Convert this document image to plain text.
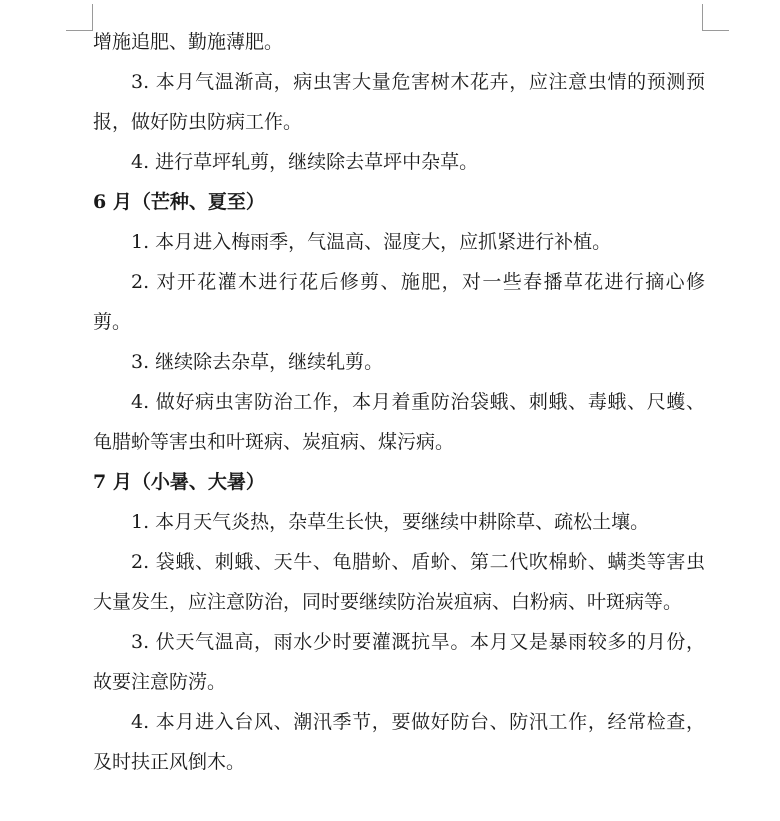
增施追肥、勤施薄肥。

3. 本月气温渐高，病虫害大量危害树木花卉，应注意虫情的预测预报，做好防虫防病工作。

4. 进行草坪轧剪，继续除去草坪中杂草。

6 月（芒种、夏至）

1. 本月进入梅雨季，气温高、湿度大，应抓紧进行补植。

2. 对开花灌木进行花后修剪、施肥，对一些春播草花进行摘心修剪。

3. 继续除去杂草，继续轧剪。

4. 做好病虫害防治工作，本月着重防治袋蛾、刺蛾、毒蛾、尺蠖、龟腊蚧等害虫和叶斑病、炭疽病、煤污病。

7 月（小暑、大暑）

1. 本月天气炎热，杂草生长快，要继续中耕除草、疏松土壤。

2. 袋蛾、刺蛾、天牛、龟腊蚧、盾蚧、第二代吹棉蚧、螨类等害虫大量发生，应注意防治，同时要继续防治炭疽病、白粉病、叶斑病等。

3. 伏天气温高，雨水少时要灌溉抗旱。本月又是暴雨较多的月份，故要注意防涝。

4. 本月进入台风、潮汛季节，要做好防台、防汛工作，经常检查，及时扶正风倒木。
